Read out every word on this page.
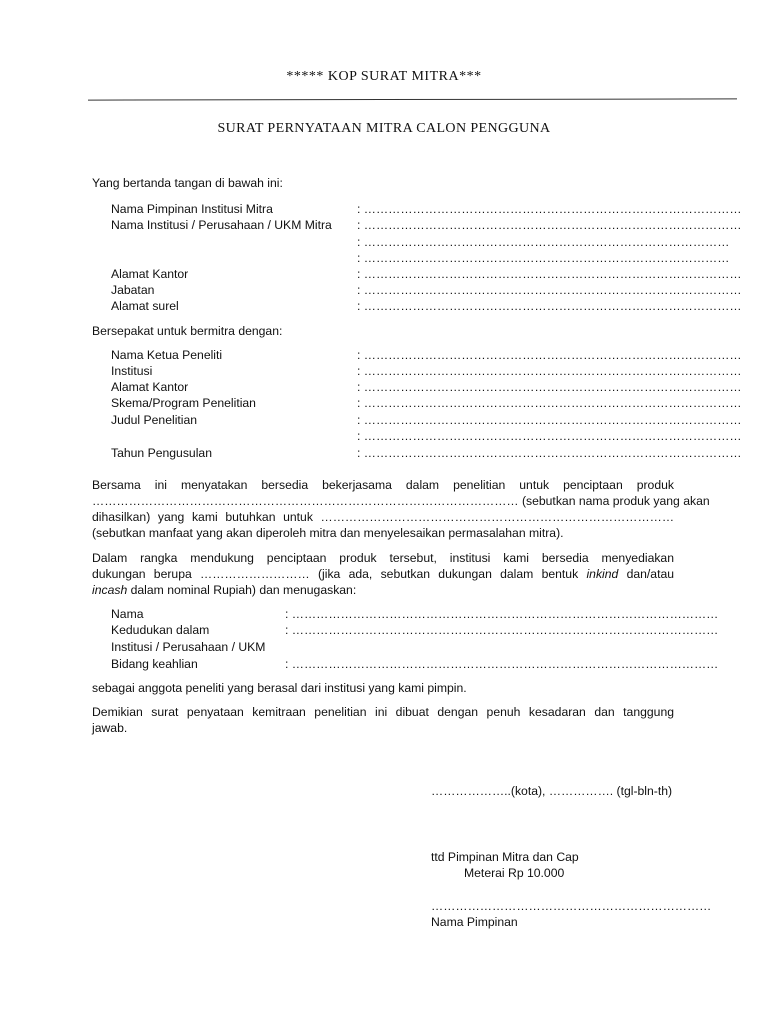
***** KOP SURAT MITRA***
SURAT PERNYATAAN MITRA CALON PENGGUNA
Yang bertanda tangan di bawah ini:
Nama Pimpinan Institusi Mitra	: …………………………………………………………………………………
Nama Institusi / Perusahaan / UKM Mitra : …………………………………………………………………………………
: ………………………………………………………………………………
: ………………………………………………………………………………
Alamat Kantor	: …………………………………………………………………………………
Jabatan	: …………………………………………………………………………………
Alamat surel	: …………………………………………………………………………………
Bersepakat untuk bermitra dengan:
Nama Ketua Peneliti	: …………………………………………………………………………………
Institusi	: …………………………………………………………………………………
Alamat Kantor	: …………………………………………………………………………………
Skema/Program Penelitian	: …………………………………………………………………………………
Judul Penelitian	: …………………………………………………………………………………
: …………………………………………………………………………………
Tahun Pengusulan	: …………………………………………………………………………………
Bersama ini menyatakan bersedia bekerjasama dalam penelitian untuk penciptaan produk
…………………………………………………………………………………………… (sebutkan nama produk yang akan
dihasilkan) yang kami butuhkan untuk ……………………………………………………………………………
(sebutkan manfaat yang akan diperoleh mitra dan menyelesaikan permasalahan mitra).
Dalam rangka mendukung penciptaan produk tersebut, institusi kami bersedia menyediakan
dukungan berupa ……………………… (jika ada, sebutkan dukungan dalam bentuk inkind dan/atau
incash dalam nominal Rupiah) dan menugaskan:
Nama	: ……………………………………………………………………………………………
Kedudukan dalam	: ……………………………………………………………………………………………
Institusi / Perusahaan / UKM
Bidang keahlian	: ……………………………………………………………………………………………
sebagai anggota peneliti yang berasal dari institusi yang kami pimpin.
Demikian surat penyataan kemitraan penelitian ini dibuat dengan penuh kesadaran dan tanggung
jawab.
………………..(kota), ……………. (tgl-bln-th)
ttd Pimpinan Mitra dan Cap
Meterai Rp 10.000
……………………………………………………………
Nama Pimpinan
